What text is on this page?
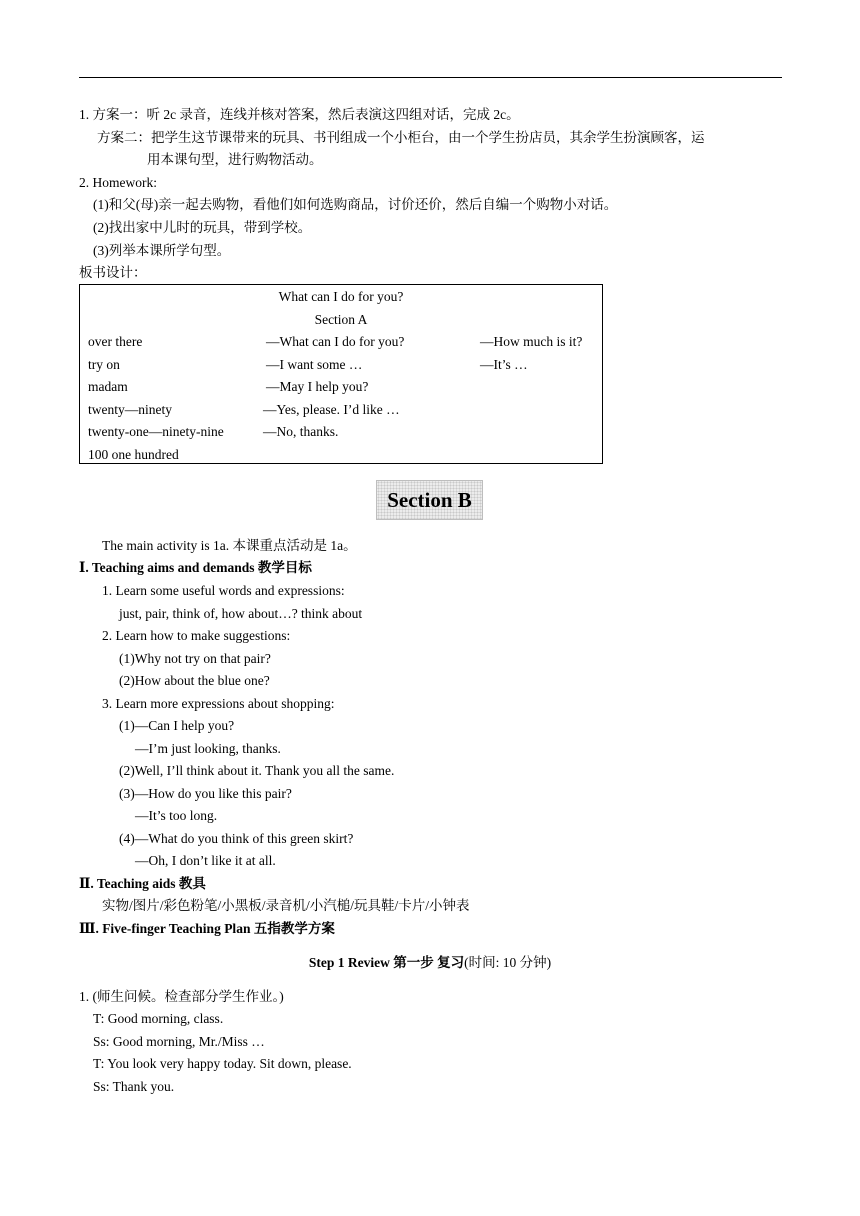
1. 方案一：听 2c 录音，连线并核对答案，然后表演这四组对话，完成 2c。
方案二：把学生这节课带来的玩具、书刊组成一个小柜台，由一个学生扮店员，其余学生扮演顾客，运
用本课句型，进行购物活动。
2. Homework:
(1)和父(母)亲一起去购物，看他们如何选购商品，讨价还价，然后自编一个购物小对话。
(2)找出家中儿时的玩具，带到学校。
(3)列举本课所学句型。
板书设计：
What can I do for you?
Section A
over there
try on
madam
twenty—ninety
twenty-one—ninety-nine
100 one hundred
—What can I do for you?
—I want some …
—May I help you?
—Yes, please. I’d like …
—No, thanks.
—How much is it?
—It’s …
Section B
The main activity is 1a. 本课重点活动是 1a。
Ⅰ. Teaching aims and demands 教学目标
1. Learn some useful words and expressions:
just, pair, think of, how about…? think about
2. Learn how to make suggestions:
(1)Why not try on that pair?
(2)How about the blue one?
3. Learn more expressions about shopping:
(1)—Can I help you?
—I’m just looking, thanks.
(2)Well, I’ll think about it. Thank you all the same.
(3)—How do you like this pair?
—It’s too long.
(4)—What do you think of this green skirt?
—Oh, I don’t like it at all.
Ⅱ. Teaching aids 教具
实物/图片/彩色粉笔/小黑板/录音机/小汽槌/玩具鞋/卡片/小钟表
Ⅲ. Five-finger Teaching Plan 五指教学方案
Step 1 Review 第一步 复习(时间: 10 分钟)
1. (师生问候。检查部分学生作业。)
T: Good morning, class.
Ss: Good morning, Mr./Miss …
T: You look very happy today. Sit down, please.
Ss: Thank you.
